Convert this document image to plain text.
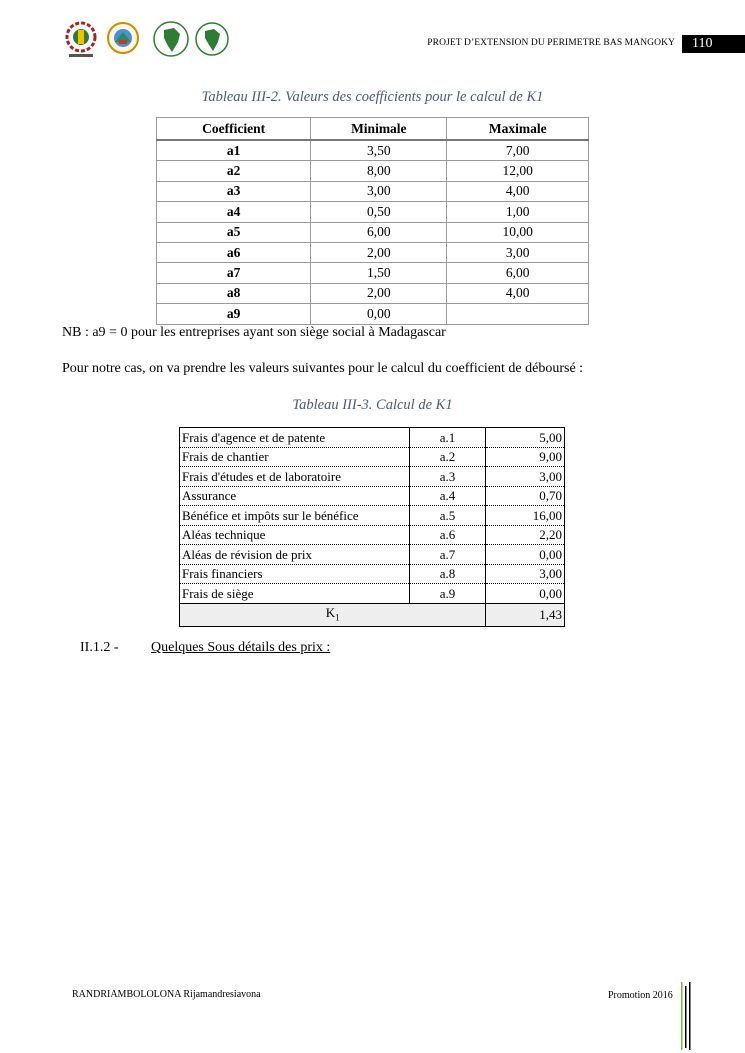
PROJET D’EXTENSION DU PERIMETRE BAS MANGOKY	110
Tableau III-2. Valeurs des coefficients pour le calcul de K1
Coefficient	Minimale	Maximale
a1	3,50	7,00
a2	8,00	12,00
a3	3,00	4,00
a4	0,50	1,00
a5	6,00	10,00
a6	2,00	3,00
a7	1,50	6,00
a8	2,00	4,00
a9	0,00	
NB : a9 = 0 pour les entreprises ayant son siège social à Madagascar
Pour notre cas, on va prendre les valeurs suivantes pour le calcul du coefficient de déboursé :
Tableau III-3. Calcul de K1
Frais d'agence et de patente	a.1	5,00
Frais de chantier	a.2	9,00
Frais d'études et de laboratoire	a.3	3,00
Assurance	a.4	0,70
Bénéfice et impôts sur le bénéfice	a.5	16,00
Aléas technique	a.6	2,20
Aléas de révision de prix	a.7	0,00
Frais financiers	a.8	3,00
Frais de siège	a.9	0,00
$K_1$		1,43
II.1.2 - Quelques Sous détails des prix :
RANDRIAMBOLOLONA Rijamandresiavona	Promotion 2016
